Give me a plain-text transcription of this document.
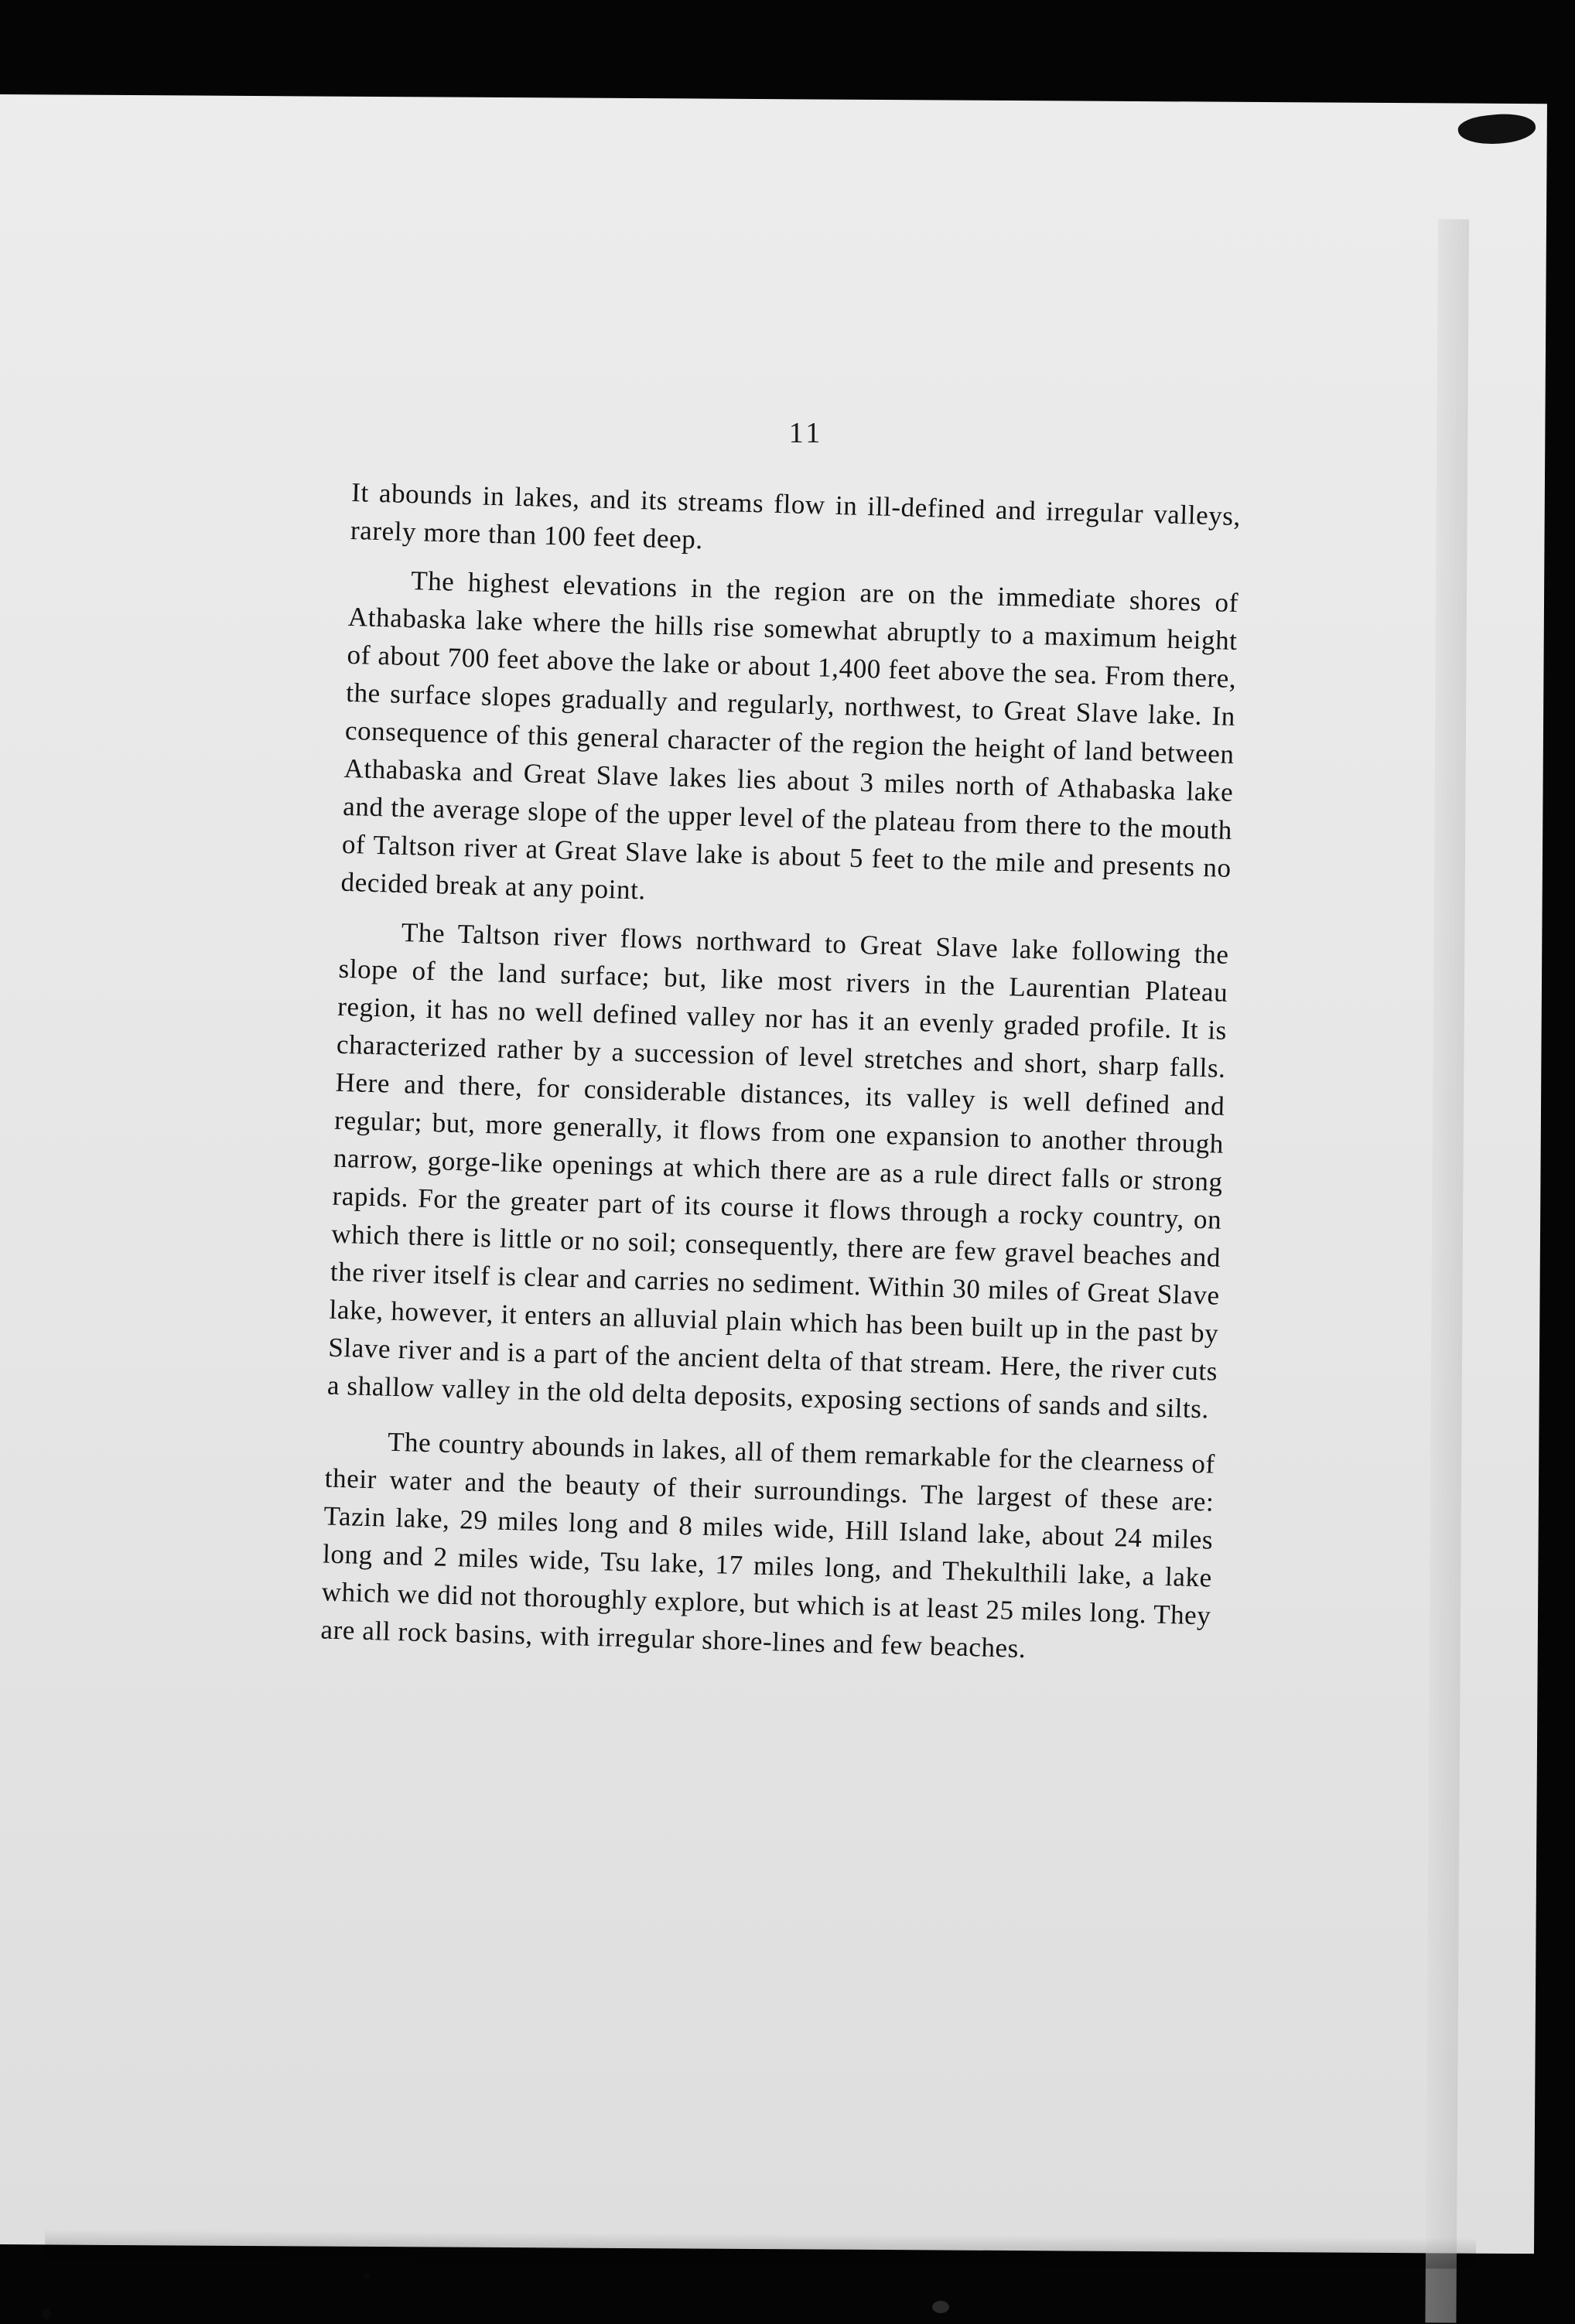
11

It abounds in lakes, and its streams flow in ill-defined and irregular valleys, rarely more than 100 feet deep.

The highest elevations in the region are on the immediate shores of Athabaska lake where the hills rise somewhat abruptly to a maximum height of about 700 feet above the lake or about 1,400 feet above the sea. From there, the surface slopes gradually and regularly, northwest, to Great Slave lake. In consequence of this general character of the region the height of land between Athabaska and Great Slave lakes lies about 3 miles north of Athabaska lake and the average slope of the upper level of the plateau from there to the mouth of Taltson river at Great Slave lake is about 5 feet to the mile and presents no decided break at any point.

The Taltson river flows northward to Great Slave lake following the slope of the land surface; but, like most rivers in the Laurentian Plateau region, it has no well defined valley nor has it an evenly graded profile. It is characterized rather by a succession of level stretches and short, sharp falls. Here and there, for considerable distances, its valley is well defined and regular; but, more generally, it flows from one expansion to another through narrow, gorge-like openings at which there are as a rule direct falls or strong rapids. For the greater part of its course it flows through a rocky country, on which there is little or no soil; consequently, there are few gravel beaches and the river itself is clear and carries no sediment. Within 30 miles of Great Slave lake, however, it enters an alluvial plain which has been built up in the past by Slave river and is a part of the ancient delta of that stream. Here, the river cuts a shallow valley in the old delta deposits, exposing sections of sands and silts.

The country abounds in lakes, all of them remarkable for the clearness of their water and the beauty of their surroundings. The largest of these are: Tazin lake, 29 miles long and 8 miles wide, Hill Island lake, about 24 miles long and 2 miles wide, Tsu lake, 17 miles long, and Thekulthili lake, a lake which we did not thoroughly explore, but which is at least 25 miles long. They are all rock basins, with irregular shore-lines and few beaches.
